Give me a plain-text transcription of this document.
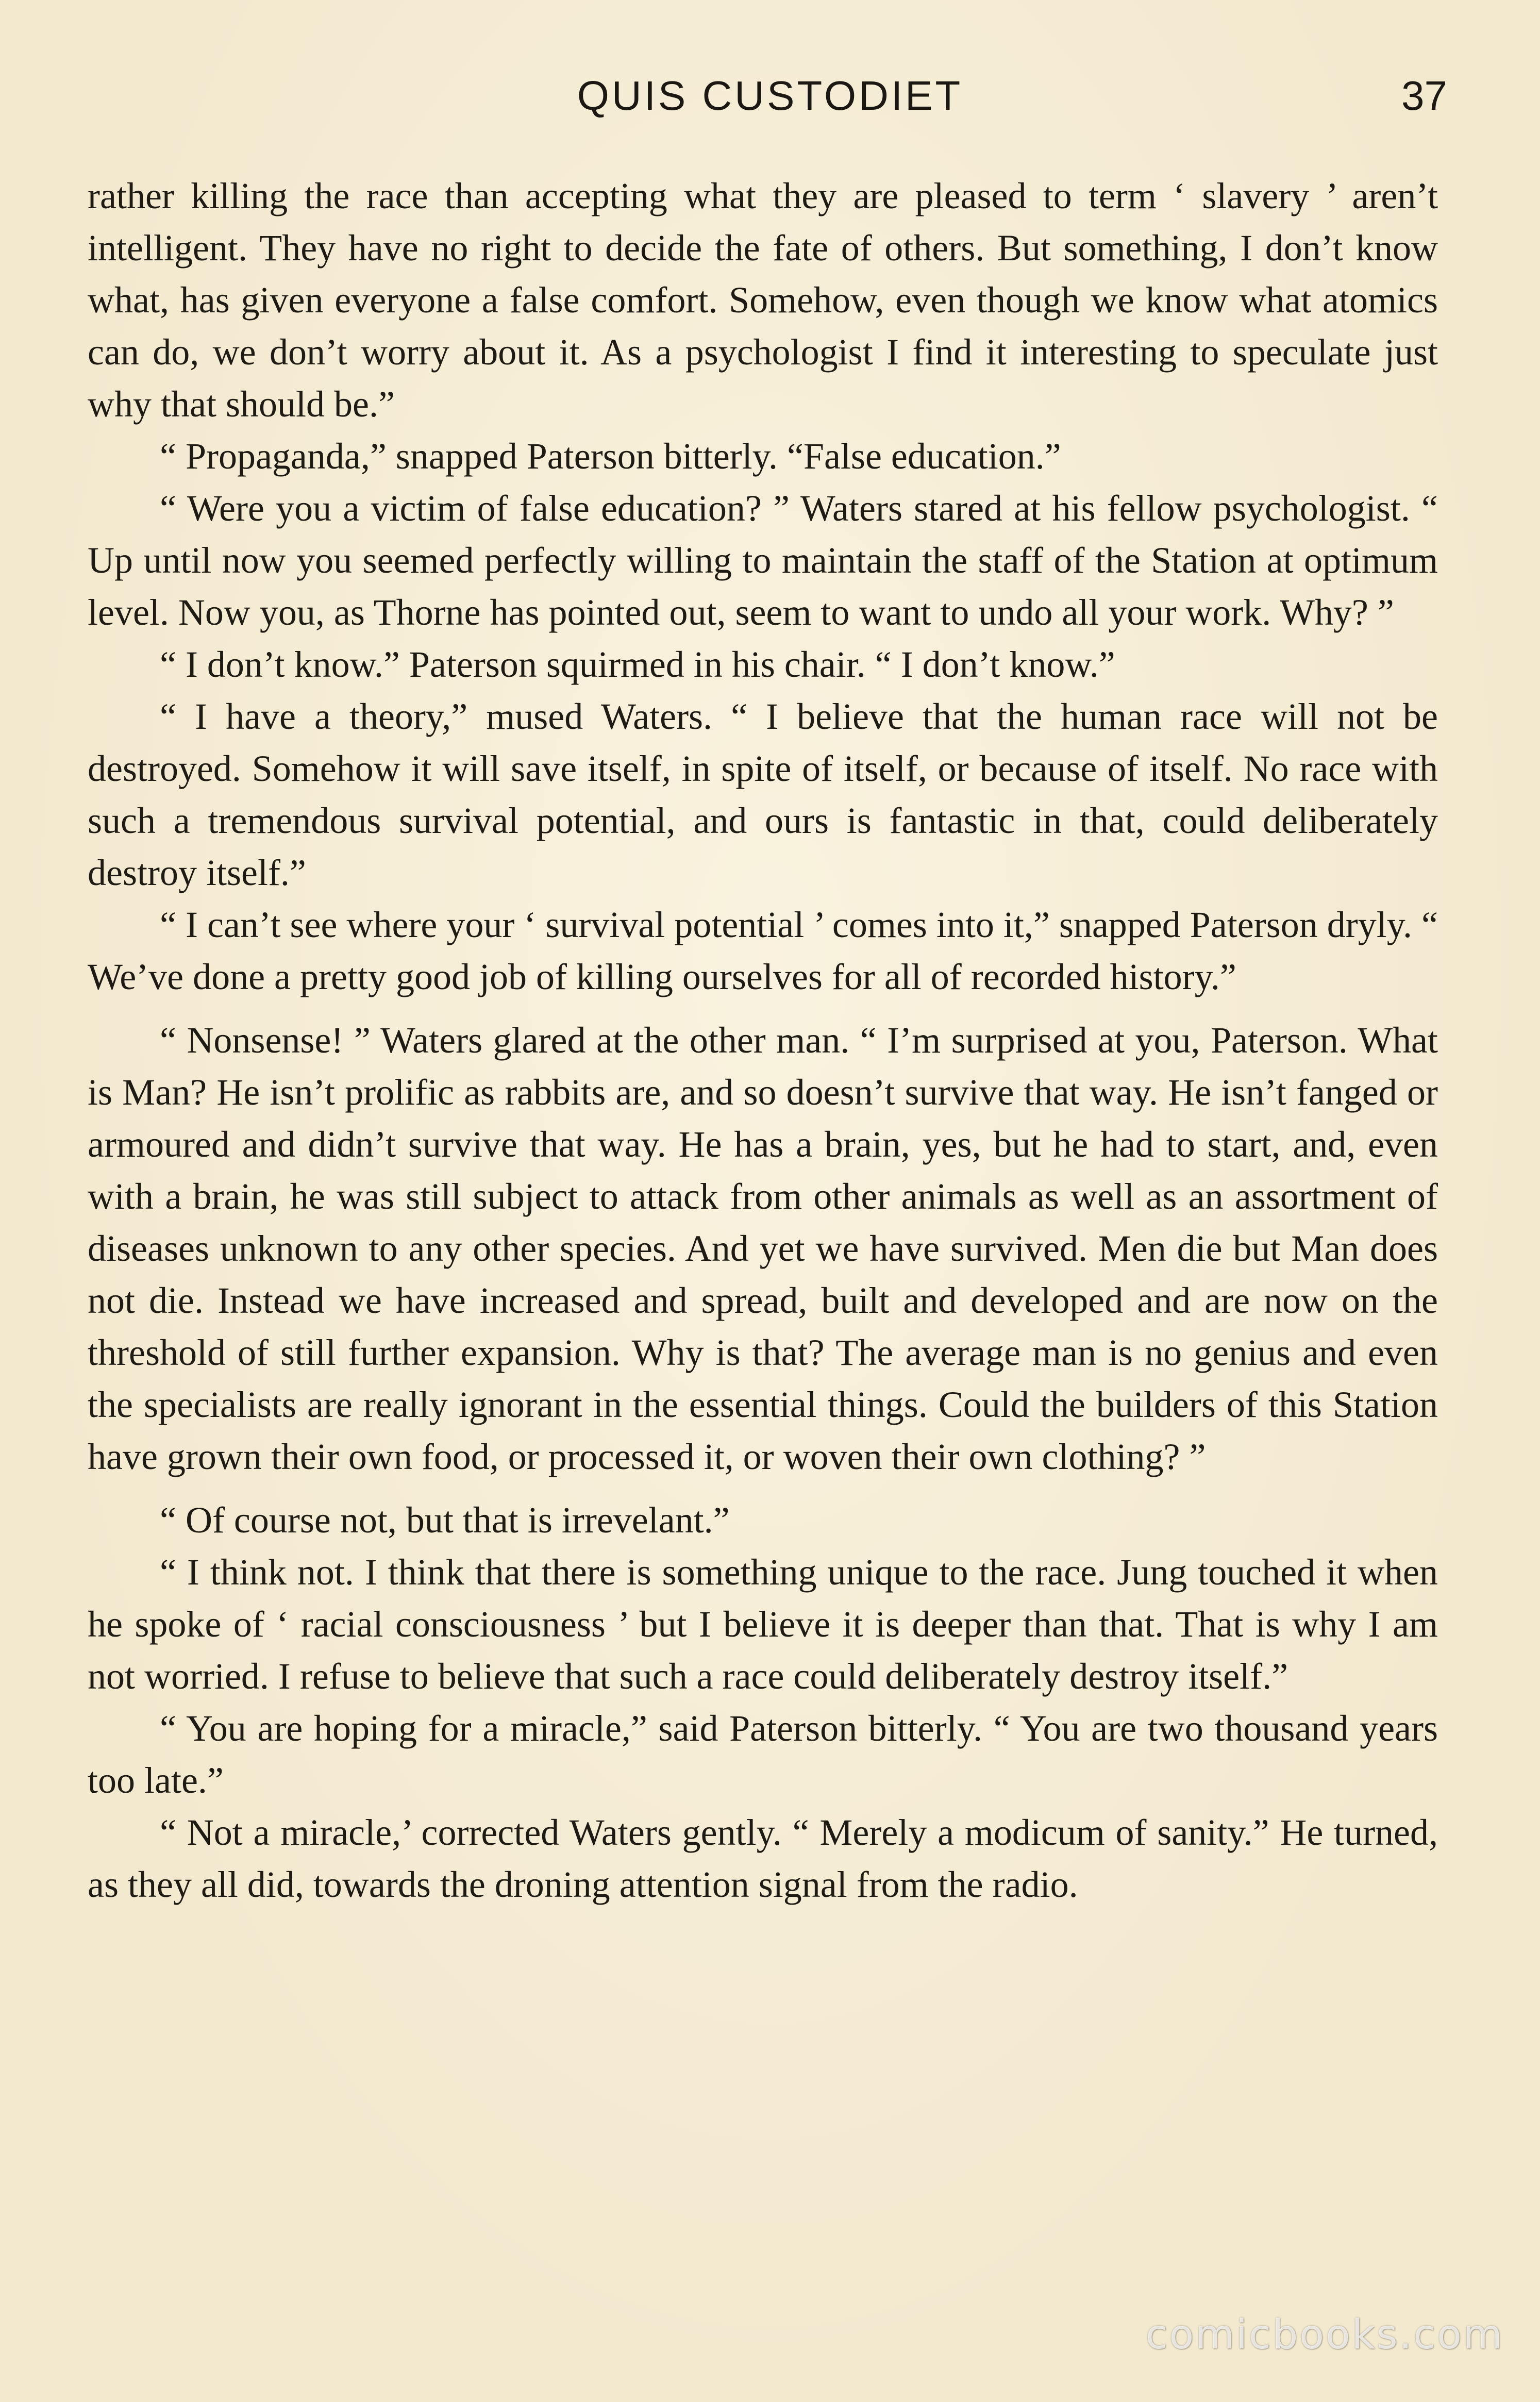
QUIS CUSTODIET	37

rather killing the race than accepting what they are pleased to term ‘ slavery ’ aren’t intelligent. They have no right to decide the fate of others. But something, I don’t know what, has given everyone a false comfort. Somehow, even though we know what atomics can do, we don’t worry about it. As a psychologist I find it interesting to speculate just why that should be.”

“ Propaganda,” snapped Paterson bitterly. “False education.”

“ Were you a victim of false education? ” Waters stared at his fellow psychologist. “ Up until now you seemed perfectly willing to maintain the staff of the Station at optimum level. Now you, as Thorne has pointed out, seem to want to undo all your work. Why? ”

“ I don’t know.” Paterson squirmed in his chair. “ I don’t know.”

“ I have a theory,” mused Waters. “ I believe that the human race will not be destroyed. Somehow it will save itself, in spite of itself, or because of itself. No race with such a tremendous survival potential, and ours is fantastic in that, could deliberately destroy itself.”

“ I can’t see where your ‘ survival potential ’ comes into it,” snapped Paterson dryly. “ We’ve done a pretty good job of killing ourselves for all of recorded history.”

“ Nonsense! ” Waters glared at the other man. “ I’m surprised at you, Paterson. What is Man? He isn’t prolific as rabbits are, and so doesn’t survive that way. He isn’t fanged or armoured and didn’t survive that way. He has a brain, yes, but he had to start, and, even with a brain, he was still subject to attack from other animals as well as an assortment of diseases unknown to any other species. And yet we have survived. Men die but Man does not die. Instead we have increased and spread, built and developed and are now on the threshold of still further expansion. Why is that? The average man is no genius and even the specialists are really ignorant in the essential things. Could the builders of this Station have grown their own food, or processed it, or woven their own clothing? ”

“ Of course not, but that is irrevelant.”

“ I think not. I think that there is something unique to the race. Jung touched it when he spoke of ‘ racial consciousness ’ but I believe it is deeper than that. That is why I am not worried. I refuse to believe that such a race could deliberately destroy itself.”

“ You are hoping for a miracle,” said Paterson bitterly. “ You are two thousand years too late.”

“ Not a miracle,’ corrected Waters gently. “ Merely a modicum of sanity.” He turned, as they all did, towards the droning attention signal from the radio.

comicbooks.com
